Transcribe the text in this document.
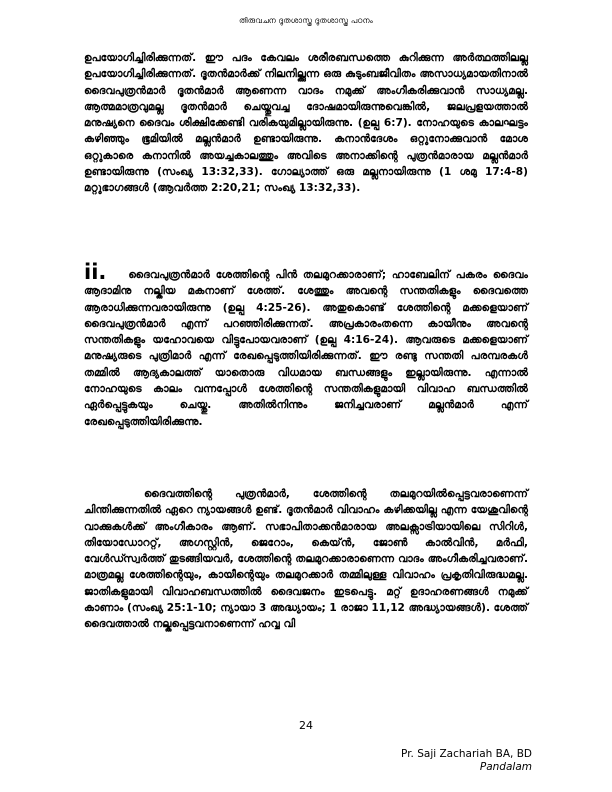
തിരുവചന ദൂതശാസ്ത്ര ദൂതശാസ്ത്ര പഠനം
ഉപയോഗിച്ചിരിക്കുന്നത്. ഈ പദം കേവലം ശരീരബന്ധത്തെ കുറിക്കുന്ന അർത്ഥത്തിലല്ല ഉപയോഗിച്ചിരിക്കുന്നത്. ദൂതൻമാർക്ക് നിലനില്ക്കുന്ന ഒരു കുടുംബജീവിതം അസാധ്യമായതിനാൽ ദൈവപുത്രൻമാർ ദൂതൻമാർ ആണെന്ന വാദം നമുക്ക് അംഗീകരിക്കുവാൻ സാധ്യമല്ല. ആത്മമാത്രവുമല്ല ദൂതൻമാർ ചെയ്തുവച്ച ദോഷമായിരുന്നുവെങ്കിൽ, ജലപ്രളയത്താൽ മനുഷ്യനെ ദൈവം ശിക്ഷിക്കേണ്ടി വരികയുമില്ലായിരുന്നു. (ഉല്പ 6:7). നോഹയുടെ കാലഘട്ടം കഴിഞ്ഞും ഭൂമിയിൽ മല്ലൻമാർ ഉണ്ടായിരുന്നു. കനാൻദേശം ഒറ്റുനോക്കുവാൻ മോശ ഒറ്റുകാരെ കനാനിൽ അയച്ചകാലത്തും അവിടെ അനാക്കിന്റെ പുത്രൻമാരായ മല്ലൻമാർ ഉണ്ടായിരുന്നു (സംഖ്യ 13:32,33). ഗോല്യാത്ത് ഒരു മല്ലനായിരുന്നു (1 ശമു 17:4-8) മറ്റുഭാഗങ്ങൾ (ആവർത്ത 2:20,21; സംഖ്യ 13:32,33).
ii. ദൈവപുത്രൻമാർ ശേത്തിന്റെ പിൻ തലമുറക്കാരാണ്; ഹാബേലിന് പകരം ദൈവം ആദാമിനു നല്കിയ മകനാണ് ശേത്ത്. ശേത്തും അവന്റെ സന്തതികളും ദൈവത്തെ ആരാധിക്കുന്നവരായിരുന്നു (ഉല്പ 4:25-26). അതുകൊണ്ട് ശേത്തിന്റെ മക്കളെയാണ് ദൈവപുത്രൻമാർ എന്ന് പറഞ്ഞിരിക്കുന്നത്. അപ്രകാരംതന്നെ കായീനും അവന്റെ സന്തതികളും യഹോവയെ വിട്ടുപോയവരാണ് (ഉല്പ 4:16-24). ആവരുടെ മക്കളെയാണ് മനുഷ്യരുടെ പുത്രിമാർ എന്ന് രേഖപ്പെടുത്തിയിരിക്കുന്നത്. ഈ രണ്ടു സന്തതി പരമ്പരകൾ തമ്മിൽ ആദ്യകാലത്ത് യാതൊരു വിധമായ ബന്ധങ്ങളും ഇല്ലായിരുന്നു. എന്നാൽ നോഹയുടെ കാലം വന്നപ്പോൾ ശേത്തിന്റെ സന്തതികളുമായി വിവാഹ ബന്ധത്തിൽ ഏർപ്പെട്ടുകയും ചെയ്തു. അതിൽനിന്നും ജനിച്ചവരാണ് മല്ലൻമാർ എന്ന് രേഖപ്പെടുത്തിയിരിക്കുന്നു.
ദൈവത്തിന്റെ പുത്രൻമാർ, ശേത്തിന്റെ തലമുറയിൽപ്പെട്ടവരാണെന്ന് ചിന്തിക്കുന്നതിൽ ഏറെ ന്യായങ്ങൾ ഉണ്ട്. ദൂതൻമാർ വിവാഹം കഴിക്കയില്ല എന്ന യേശുവിന്റെ വാക്കുകൾക്ക് അംഗീകാരം ആണ്. സഭാപിതാക്കൻമാരായ അലക്സാട്രിയായിലെ സിറിൾ, തിയോഡോററ്റ്, അഗസ്റ്റിൻ, ജെറോം, കെയ്ൻ, ജോൺ കാൽവിൻ, മർഫി, വേൾഡ്സ്വർത്ത് തുടങ്ങിയവർ, ശേത്തിന്റെ തലമുറക്കാരാണെന്ന വാദം അംഗീകരിച്ചവരാണ്. മാത്രമല്ല ശേത്തിന്റെയും, കായീന്റെയും തലമുറക്കാർ തമ്മിലുള്ള വിവാഹം പ്രകൃതിവിരുദ്ധമല്ല. ജാതികളുമായി വിവാഹബന്ധത്തിൽ ദൈവജനം ഇടപെട്ടു. മറ്റ് ഉദാഹരണങ്ങൾ നമുക്ക് കാണാം (സംഖ്യ 25:1-10; ന്യായാ 3 അദ്ധ്യായം; 1 രാജാ 11,12 അദ്ധ്യായങ്ങൾ). ശേത്ത് ദൈവത്താൽ നല്കപ്പെട്ടവനാണെന്ന് ഹവ്വ വി
24
Pr. Saji Zachariah BA, BD
Pandalam
